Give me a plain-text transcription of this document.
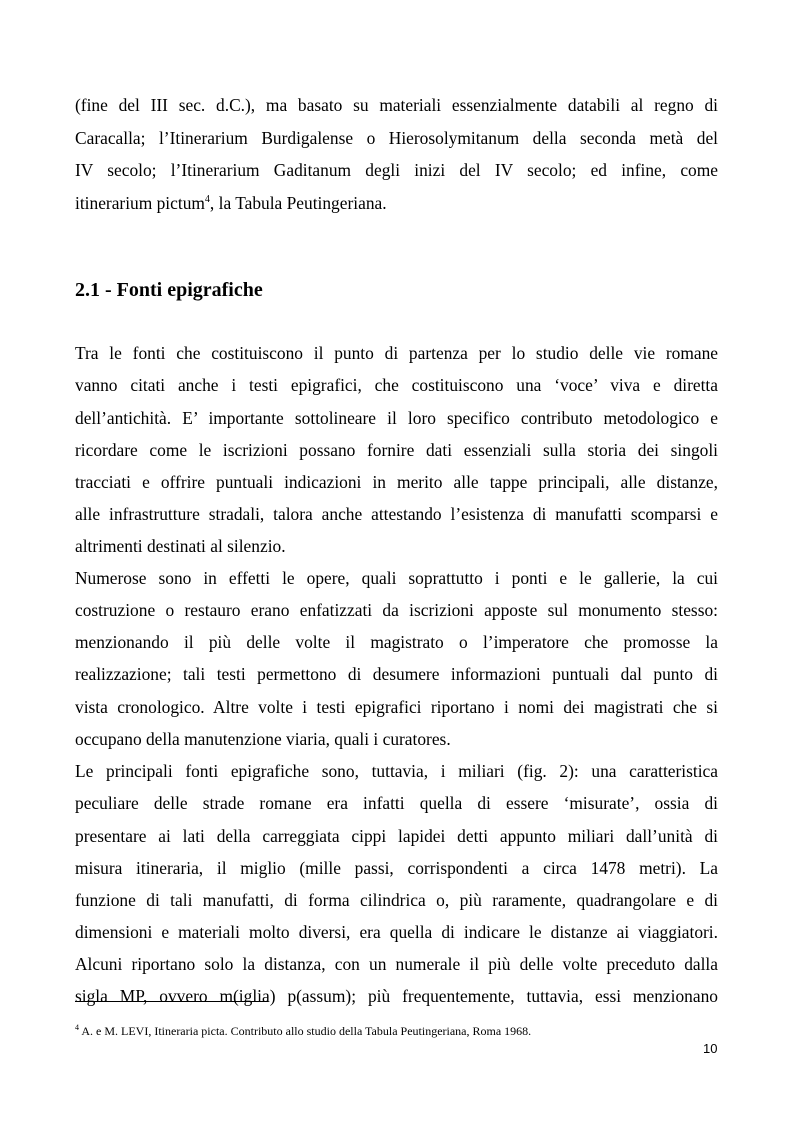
(fine del III sec. d.C.), ma basato su materiali essenzialmente databili al regno di
Caracalla; l’Itinerarium Burdigalense o Hierosolymitanum della seconda metà del
IV secolo; l’Itinerarium Gaditanum degli inizi del IV secolo; ed infine, come
itinerarium pictum$^4$, la Tabula Peutingeriana.
2.1 - Fonti epigrafiche
Tra le fonti che costituiscono il punto di partenza per lo studio delle vie romane
vanno citati anche i testi epigrafici, che costituiscono una ‘voce’ viva e diretta
dell’antichità. E’ importante sottolineare il loro specifico contributo metodologico e
ricordare come le iscrizioni possano fornire dati essenziali sulla storia dei singoli
tracciati e offrire puntuali indicazioni in merito alle tappe principali, alle distanze,
alle infrastrutture stradali, talora anche attestando l’esistenza di manufatti scomparsi e
altrimenti destinati al silenzio.
Numerose sono in effetti le opere, quali soprattutto i ponti e le gallerie, la cui
costruzione o restauro erano enfatizzati da iscrizioni apposte sul monumento stesso:
menzionando il più delle volte il magistrato o l’imperatore che promosse la
realizzazione; tali testi permettono di desumere informazioni puntuali dal punto di
vista cronologico. Altre volte i testi epigrafici riportano i nomi dei magistrati che si
occupano della manutenzione viaria, quali i curatores.
Le principali fonti epigrafiche sono, tuttavia, i miliari (fig. 2): una caratteristica
peculiare delle strade romane era infatti quella di essere ‘misurate’, ossia di
presentare ai lati della carreggiata cippi lapidei detti appunto miliari dall’unità di
misura itineraria, il miglio (mille passi, corrispondenti a circa 1478 metri). La
funzione di tali manufatti, di forma cilindrica o, più raramente, quadrangolare e di
dimensioni e materiali molto diversi, era quella di indicare le distanze ai viaggiatori.
Alcuni riportano solo la distanza, con un numerale il più delle volte preceduto dalla
sigla MP, ovvero m(iglia) p(assum); più frequentemente, tuttavia, essi menzionano
$^4$ A. e M. LEVI, Itineraria picta. Contributo allo studio della Tabula Peutingeriana, Roma 1968.
10
